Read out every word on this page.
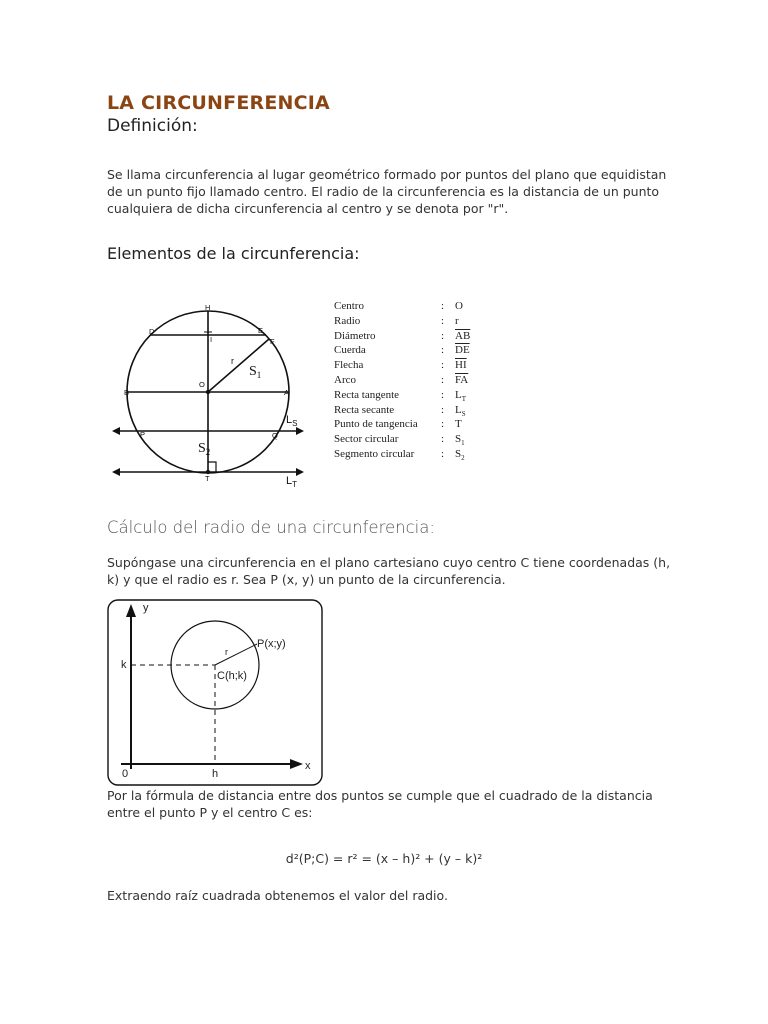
LA CIRCUNFERENCIA
Definición:
Se llama circunferencia al lugar geométrico formado por puntos del plano que equidistan de un punto fijo llamado centro. El radio de la circunferencia es la distancia de un punto cualquiera de dicha circunferencia al centro y se denota por "r".
Elementos de la circunferencia:
H
D	E
F
I
O
B	A
P	Q
T
r
$S_1$
$S_2$
$L_S$
$L_T$
Centro	: O
Radio	: r
Diámetro	: $\overline{AB}$
Cuerda	: $\overline{DE}$
Flecha	: $\overline{HI}$
Arco	: $\overline{FA}$
Recta tangente	: $L_T$
Recta secante	: $L_S$
Punto de tangencia : T
Sector circular	: $S_1$
Segmento circular : $S_2$
Cálculo del radio de una circunferencia:
Supóngase una circunferencia en el plano cartesiano cuyo centro C tiene coordenadas (h, k) y que el radio es r. Sea P (x, y) un punto de la circunferencia.
y
x
k
h
0
P(x;y)
C(h;k)
r
Por la fórmula de distancia entre dos puntos se cumple que el cuadrado de la distancia entre el punto P y el centro C es:
d²(P;C) = r² = (x – h)² + (y – k)²
Extraendo raíz cuadrada obtenemos el valor del radio.
